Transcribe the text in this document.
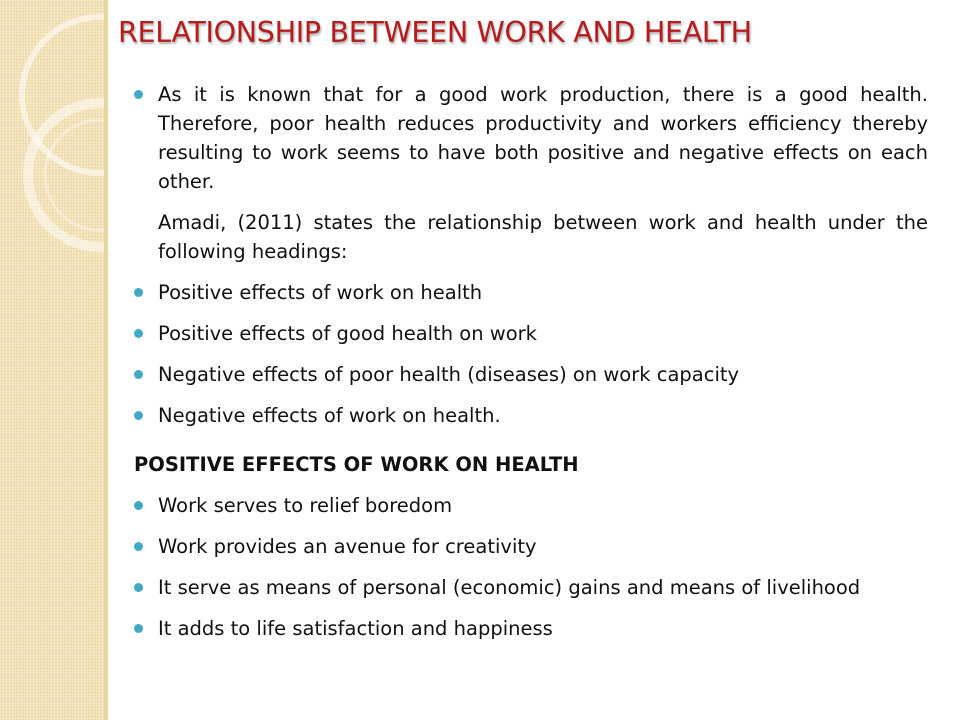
RELATIONSHIP BETWEEN WORK AND HEALTH

As it is known that for a good work production, there is a good health. Therefore, poor health reduces productivity and workers efficiency thereby resulting to work seems to have both positive and negative effects on each other.

Amadi, (2011) states the relationship between work and health under the following headings:

Positive effects of work on health

Positive effects of good health on work

Negative effects of poor health (diseases) on work capacity

Negative effects of work on health.

POSITIVE EFFECTS OF WORK ON HEALTH

Work serves to relief boredom

Work provides an avenue for creativity

It serve as means of personal (economic) gains and means of livelihood

It adds to life satisfaction and happiness
